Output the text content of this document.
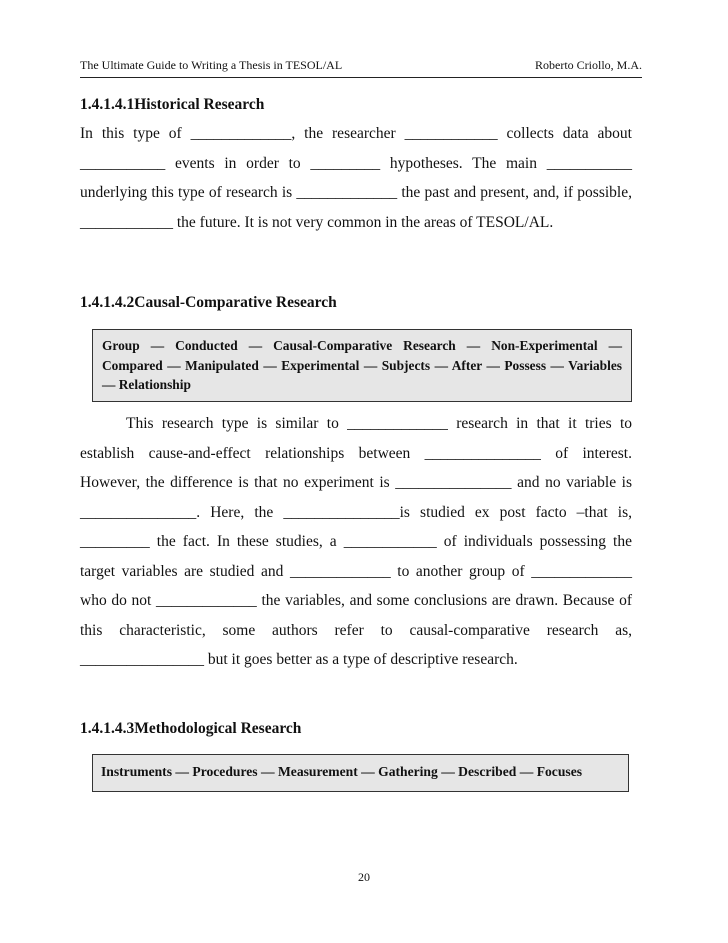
The Ultimate Guide to Writing a Thesis in TESOL/AL	Roberto Criollo, M.A.
1.4.1.4.1Historical Research
In this type of _____________, the researcher ____________ collects data about ___________ events in order to _________ hypotheses. The main ___________ underlying this type of research is _____________ the past and present, and, if possible, ____________ the future. It is not very common in the areas of TESOL/AL.
1.4.1.4.2Causal-Comparative Research
Group — Conducted — Causal-Comparative Research — Non-Experimental — Compared — Manipulated — Experimental — Subjects — After — Possess — Variables — Relationship
This research type is similar to _____________ research in that it tries to establish cause-and-effect relationships between _______________ of interest. However, the difference is that no experiment is _______________ and no variable is _______________. Here, the _______________is studied ex post facto –that is, _________ the fact. In these studies, a ____________ of individuals possessing the target variables are studied and _____________ to another group of _____________ who do not _____________ the variables, and some conclusions are drawn. Because of this characteristic, some authors refer to causal-comparative research as, ________________ but it goes better as a type of descriptive research.
1.4.1.4.3Methodological Research
Instruments — Procedures — Measurement — Gathering — Described — Focuses
20
